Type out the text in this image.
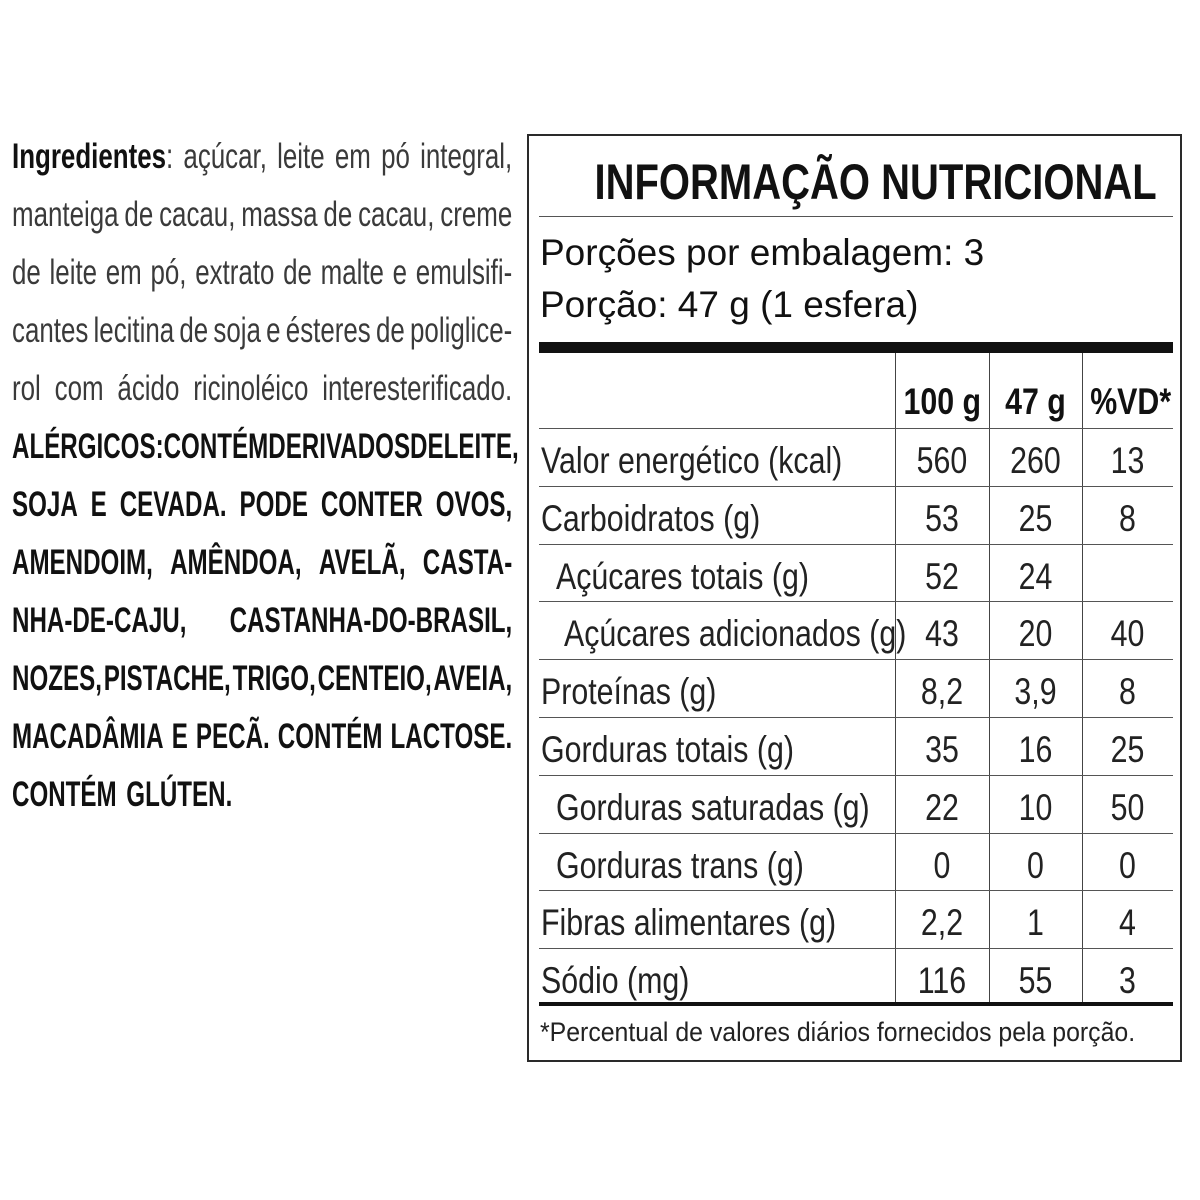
Ingredientes: açúcar, leite em pó integral,
manteiga de cacau, massa de cacau, creme
de leite em pó, extrato de malte e emulsifi-
cantes lecitina de soja e ésteres de poliglice-
rol com ácido ricinoléico interesterificado.
ALÉRGICOS: CONTÉM DERIVADOS DE LEITE,
SOJA E CEVADA. PODE CONTER OVOS,
AMENDOIM, AMÊNDOA, AVELÃ, CASTA-
NHA-DE-CAJU, CASTANHA-DO-BRASIL,
NOZES, PISTACHE, TRIGO, CENTEIO, AVEIA,
MACADÂMIA E PECÃ. CONTÉM LACTOSE.
CONTÉM GLÚTEN.
INFORMAÇÃO NUTRICIONAL
Porções por embalagem: 3
Porção: 47 g (1 esfera)
100 g 47 g %VD*
Valor energético (kcal)	560	260	13
Carboidratos (g)	53	25	8
Açúcares totais (g)	52	24
Açúcares adicionados (g) 43	20	40
Proteínas (g)	8,2	3,9	8
Gorduras totais (g)	35	16	25
Gorduras saturadas (g)	22	10	50
Gorduras trans (g)	0	0	0
Fibras alimentares (g)	2,2	1	4
Sódio (mg)	116	55	3
*Percentual de valores diários fornecidos pela porção.
